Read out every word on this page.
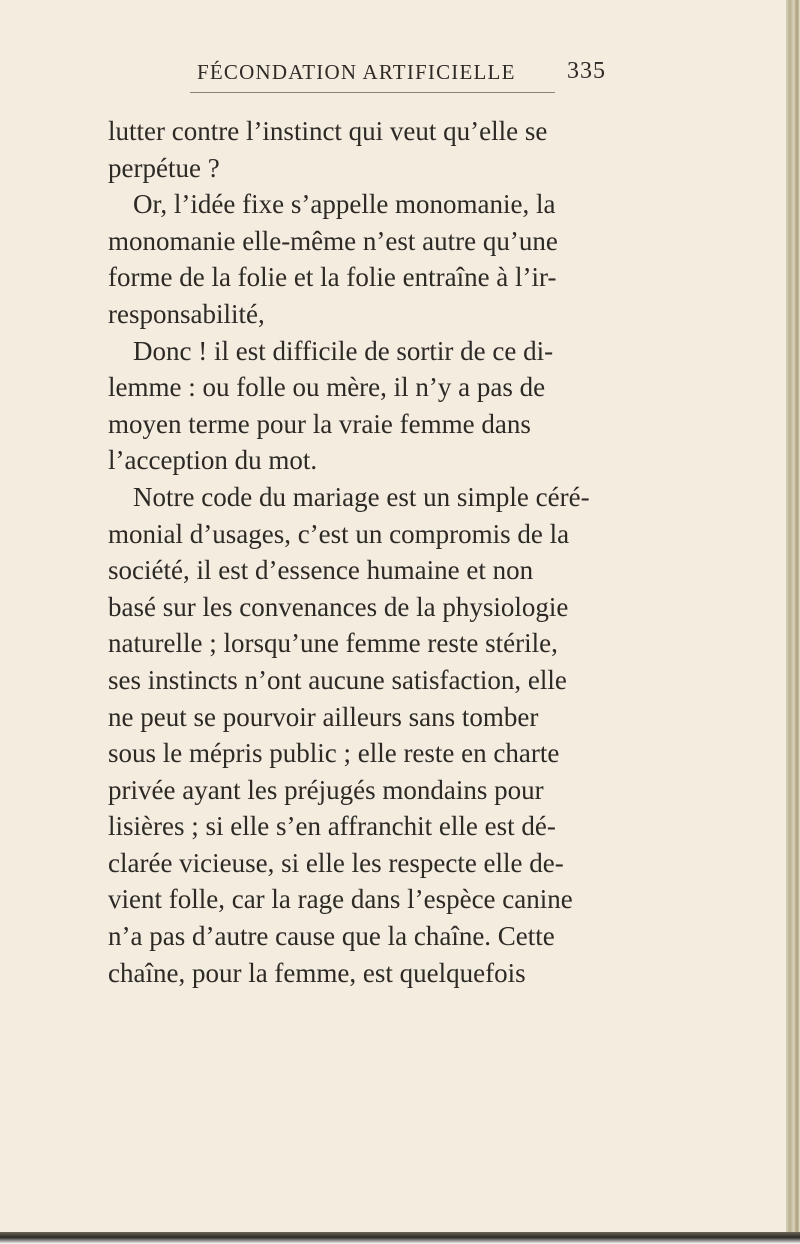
FÉCONDATION ARTIFICIELLE 335
lutter contre l’instinct qui veut qu’elle se
perpétue ?
Or, l’idée fixe s’appelle monomanie, la
monomanie elle-même n’est autre qu’une
forme de la folie et la folie entraîne à l’ir-
responsabilité,
Donc ! il est difficile de sortir de ce di-
lemme : ou folle ou mère, il n’y a pas de
moyen terme pour la vraie femme dans
l’acception du mot.
Notre code du mariage est un simple céré-
monial d’usages, c’est un compromis de la
société, il est d’essence humaine et non
basé sur les convenances de la physiologie
naturelle ; lorsqu’une femme reste stérile,
ses instincts n’ont aucune satisfaction, elle
ne peut se pourvoir ailleurs sans tomber
sous le mépris public ; elle reste en charte
privée ayant les préjugés mondains pour
lisières ; si elle s’en affranchit elle est dé-
clarée vicieuse, si elle les respecte elle de-
vient folle, car la rage dans l’espèce canine
n’a pas d’autre cause que la chaîne. Cette
chaîne, pour la femme, est quelquefois
